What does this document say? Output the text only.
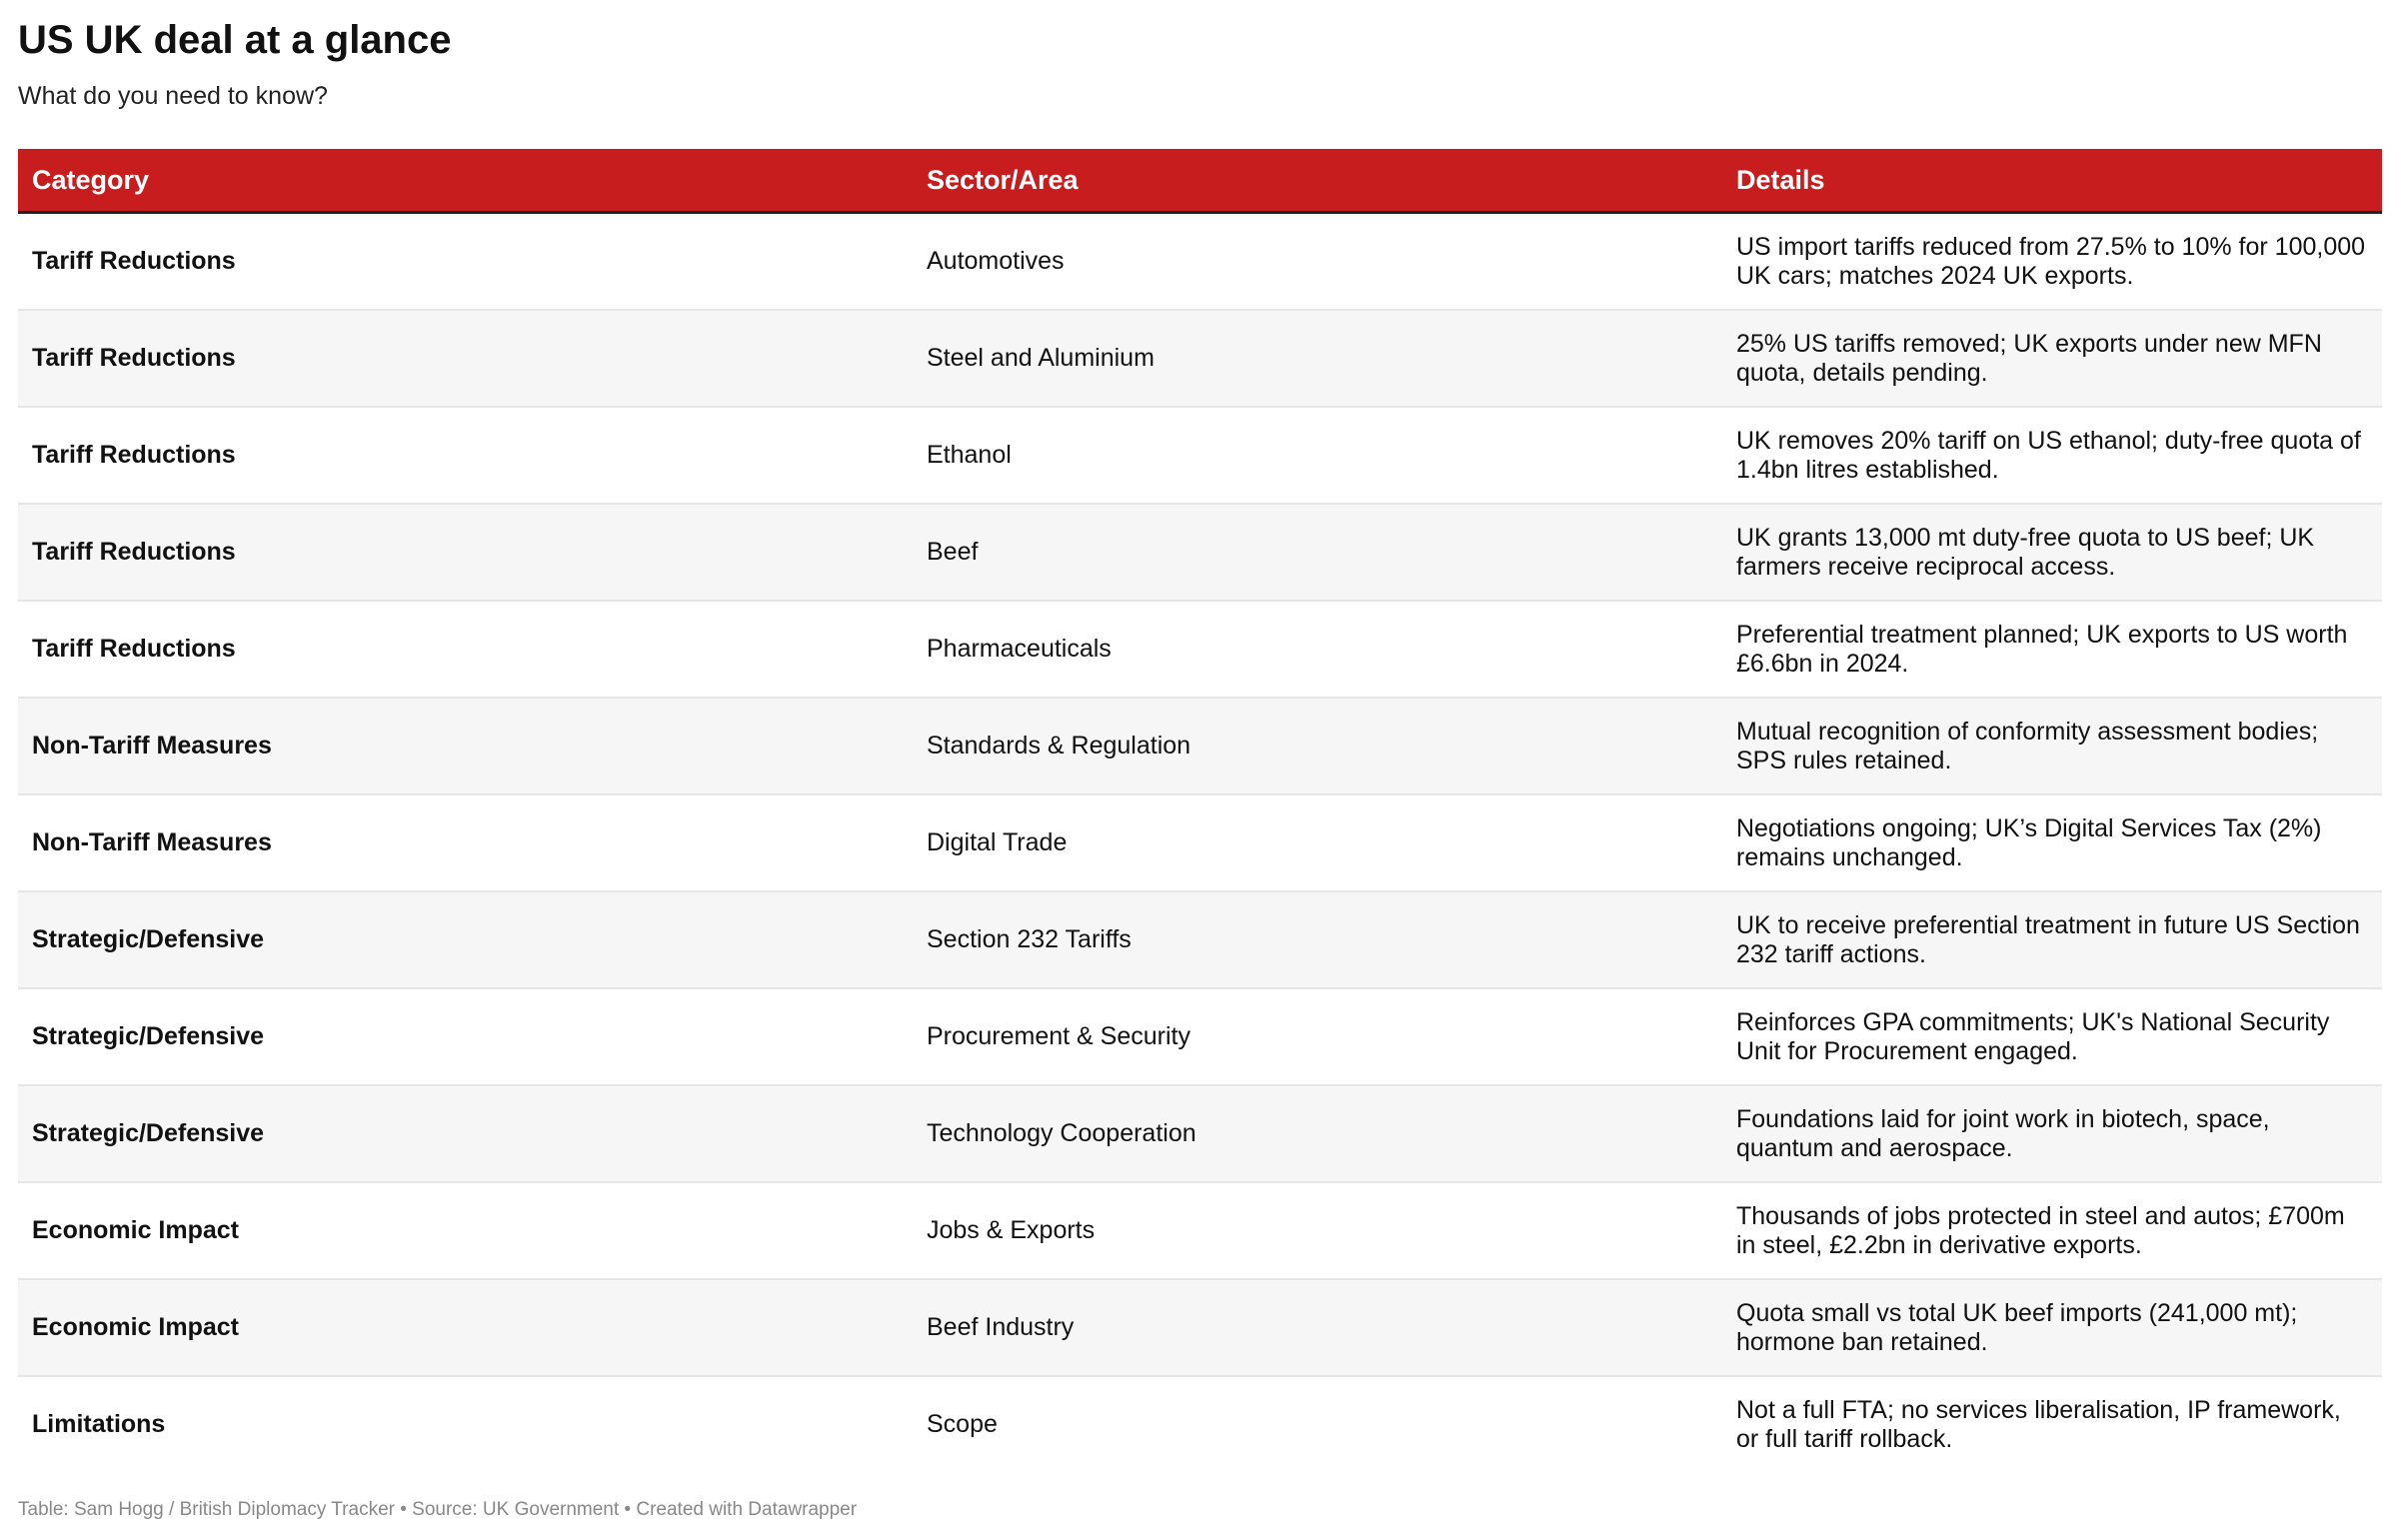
US UK deal at a glance
What do you need to know?
Category	Sector/Area	Details
Tariff Reductions	Automotives	US import tariffs reduced from 27.5% to 10% for 100,000 UK cars; matches 2024 UK exports.
Tariff Reductions	Steel and Aluminium	25% US tariffs removed; UK exports under new MFN quota, details pending.
Tariff Reductions	Ethanol	UK removes 20% tariff on US ethanol; duty-free quota of 1.4bn litres established.
Tariff Reductions	Beef	UK grants 13,000 mt duty-free quota to US beef; UK farmers receive reciprocal access.
Tariff Reductions	Pharmaceuticals	Preferential treatment planned; UK exports to US worth £6.6bn in 2024.
Non-Tariff Measures	Standards & Regulation	Mutual recognition of conformity assessment bodies; SPS rules retained.
Non-Tariff Measures	Digital Trade	Negotiations ongoing; UK’s Digital Services Tax (2%) remains unchanged.
Strategic/Defensive	Section 232 Tariffs	UK to receive preferential treatment in future US Section 232 tariff actions.
Strategic/Defensive	Procurement & Security	Reinforces GPA commitments; UK's National Security Unit for Procurement engaged.
Strategic/Defensive	Technology Cooperation	Foundations laid for joint work in biotech, space, quantum and aerospace.
Economic Impact	Jobs & Exports	Thousands of jobs protected in steel and autos; £700m in steel, £2.2bn in derivative exports.
Economic Impact	Beef Industry	Quota small vs total UK beef imports (241,000 mt); hormone ban retained.
Limitations	Scope	Not a full FTA; no services liberalisation, IP framework, or full tariff rollback.
Table: Sam Hogg / British Diplomacy Tracker • Source: UK Government • Created with Datawrapper
